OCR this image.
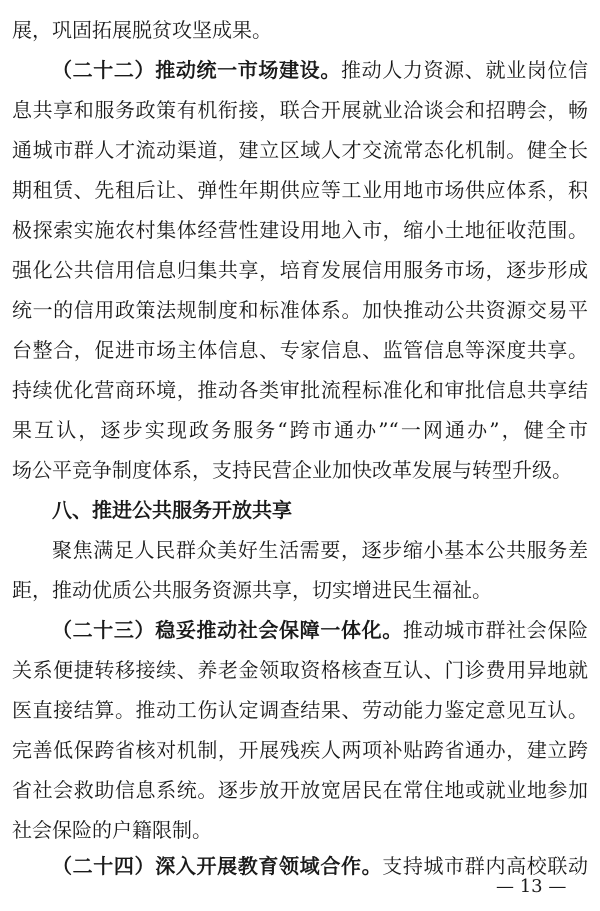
展，巩固拓展脱贫攻坚成果。
（二十二）推动统一市场建设。推动人力资源、就业岗位信
息共享和服务政策有机衔接，联合开展就业洽谈会和招聘会，畅
通城市群人才流动渠道，建立区域人才交流常态化机制。健全长
期租赁、先租后让、弹性年期供应等工业用地市场供应体系，积
极探索实施农村集体经营性建设用地入市，缩小土地征收范围。
强化公共信用信息归集共享，培育发展信用服务市场，逐步形成
统一的信用政策法规制度和标准体系。加快推动公共资源交易平
台整合，促进市场主体信息、专家信息、监管信息等深度共享。
持续优化营商环境，推动各类审批流程标准化和审批信息共享结
果互认，逐步实现政务服务“跨市通办”“一网通办”，健全市
场公平竞争制度体系，支持民营企业加快改革发展与转型升级。
八、推进公共服务开放共享
聚焦满足人民群众美好生活需要，逐步缩小基本公共服务差
距，推动优质公共服务资源共享，切实增进民生福祉。
（二十三）稳妥推动社会保障一体化。推动城市群社会保险
关系便捷转移接续、养老金领取资格核查互认、门诊费用异地就
医直接结算。推动工伤认定调查结果、劳动能力鉴定意见互认。
完善低保跨省核对机制，开展残疾人两项补贴跨省通办，建立跨
省社会救助信息系统。逐步放开放宽居民在常住地或就业地参加
社会保险的户籍限制。
（二十四）深入开展教育领域合作。支持城市群内高校联动
— 13 —
